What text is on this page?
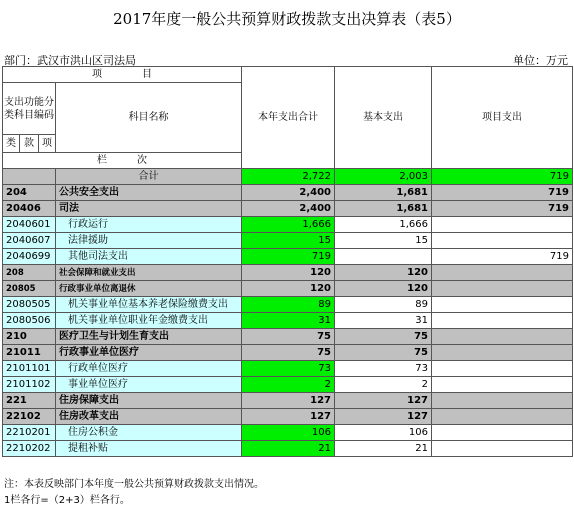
2017年度一般公共预算财政拨款支出决算表（表5）
部门：武汉市洪山区司法局	单位：万元
项　　　　目				本年支出合计	基本支出	项目支出	
支出功能分类科目编码			科目名称				
类	款	项					
栏　　　次			
			合计	2,722	2,003	719	
204			公共安全支出	2,400	1,681	719	
20406			司法	2,400	1,681	719	
2040601			行政运行	1,666	1,666		
2040607			法律援助	15	15		
2040699			其他司法支出	719		719	
208			社会保障和就业支出	120	120		
20805			行政事业单位离退休	120	120		
2080505			机关事业单位基本养老保险缴费支出	89	89		
2080506			机关事业单位职业年金缴费支出	31	31		
210			医疗卫生与计划生育支出	75	75		
21011			行政事业单位医疗	75	75		
2101101			行政单位医疗	73	73		
2101102			事业单位医疗	2	2		
221			住房保障支出	127	127		
22102			住房改革支出	127	127		
2210201			住房公积金	106	106		
2210202			提租补贴	21	21		
注：本表反映部门本年度一般公共预算财政拨款支出情况。
1栏各行=（2+3）栏各行。
